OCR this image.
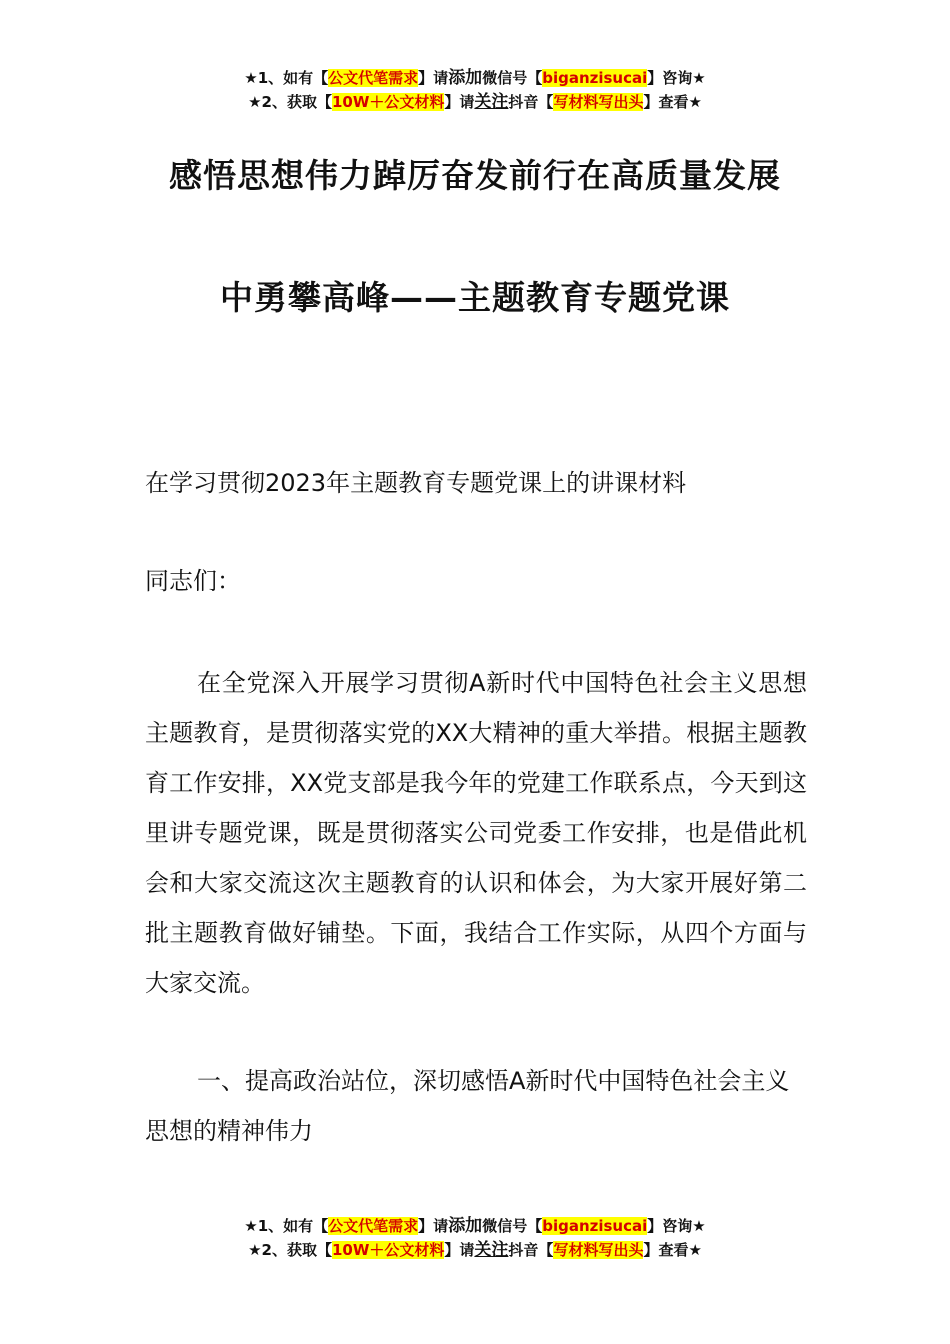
★1、如有【公文代笔需求】请添加微信号【biganzisucai】咨询★
★2、获取【10W＋公文材料】请关注抖音【写材料写出头】查看★
感悟思想伟力踔厉奋发前行在高质量发展
中勇攀高峰——主题教育专题党课

在学习贯彻2023年主题教育专题党课上的讲课材料

同志们：

在全党深入开展学习贯彻A新时代中国特色社会主义思想主题教育，是贯彻落实党的XX大精神的重大举措。根据主题教育工作安排，XX党支部是我今年的党建工作联系点，今天到这里讲专题党课，既是贯彻落实公司党委工作安排，也是借此机会和大家交流这次主题教育的认识和体会，为大家开展好第二批主题教育做好铺垫。下面，我结合工作实际，从四个方面与大家交流。

一、提高政治站位，深切感悟A新时代中国特色社会主义思想的精神伟力

★1、如有【公文代笔需求】请添加微信号【biganzisucai】咨询★
★2、获取【10W＋公文材料】请关注抖音【写材料写出头】查看★
